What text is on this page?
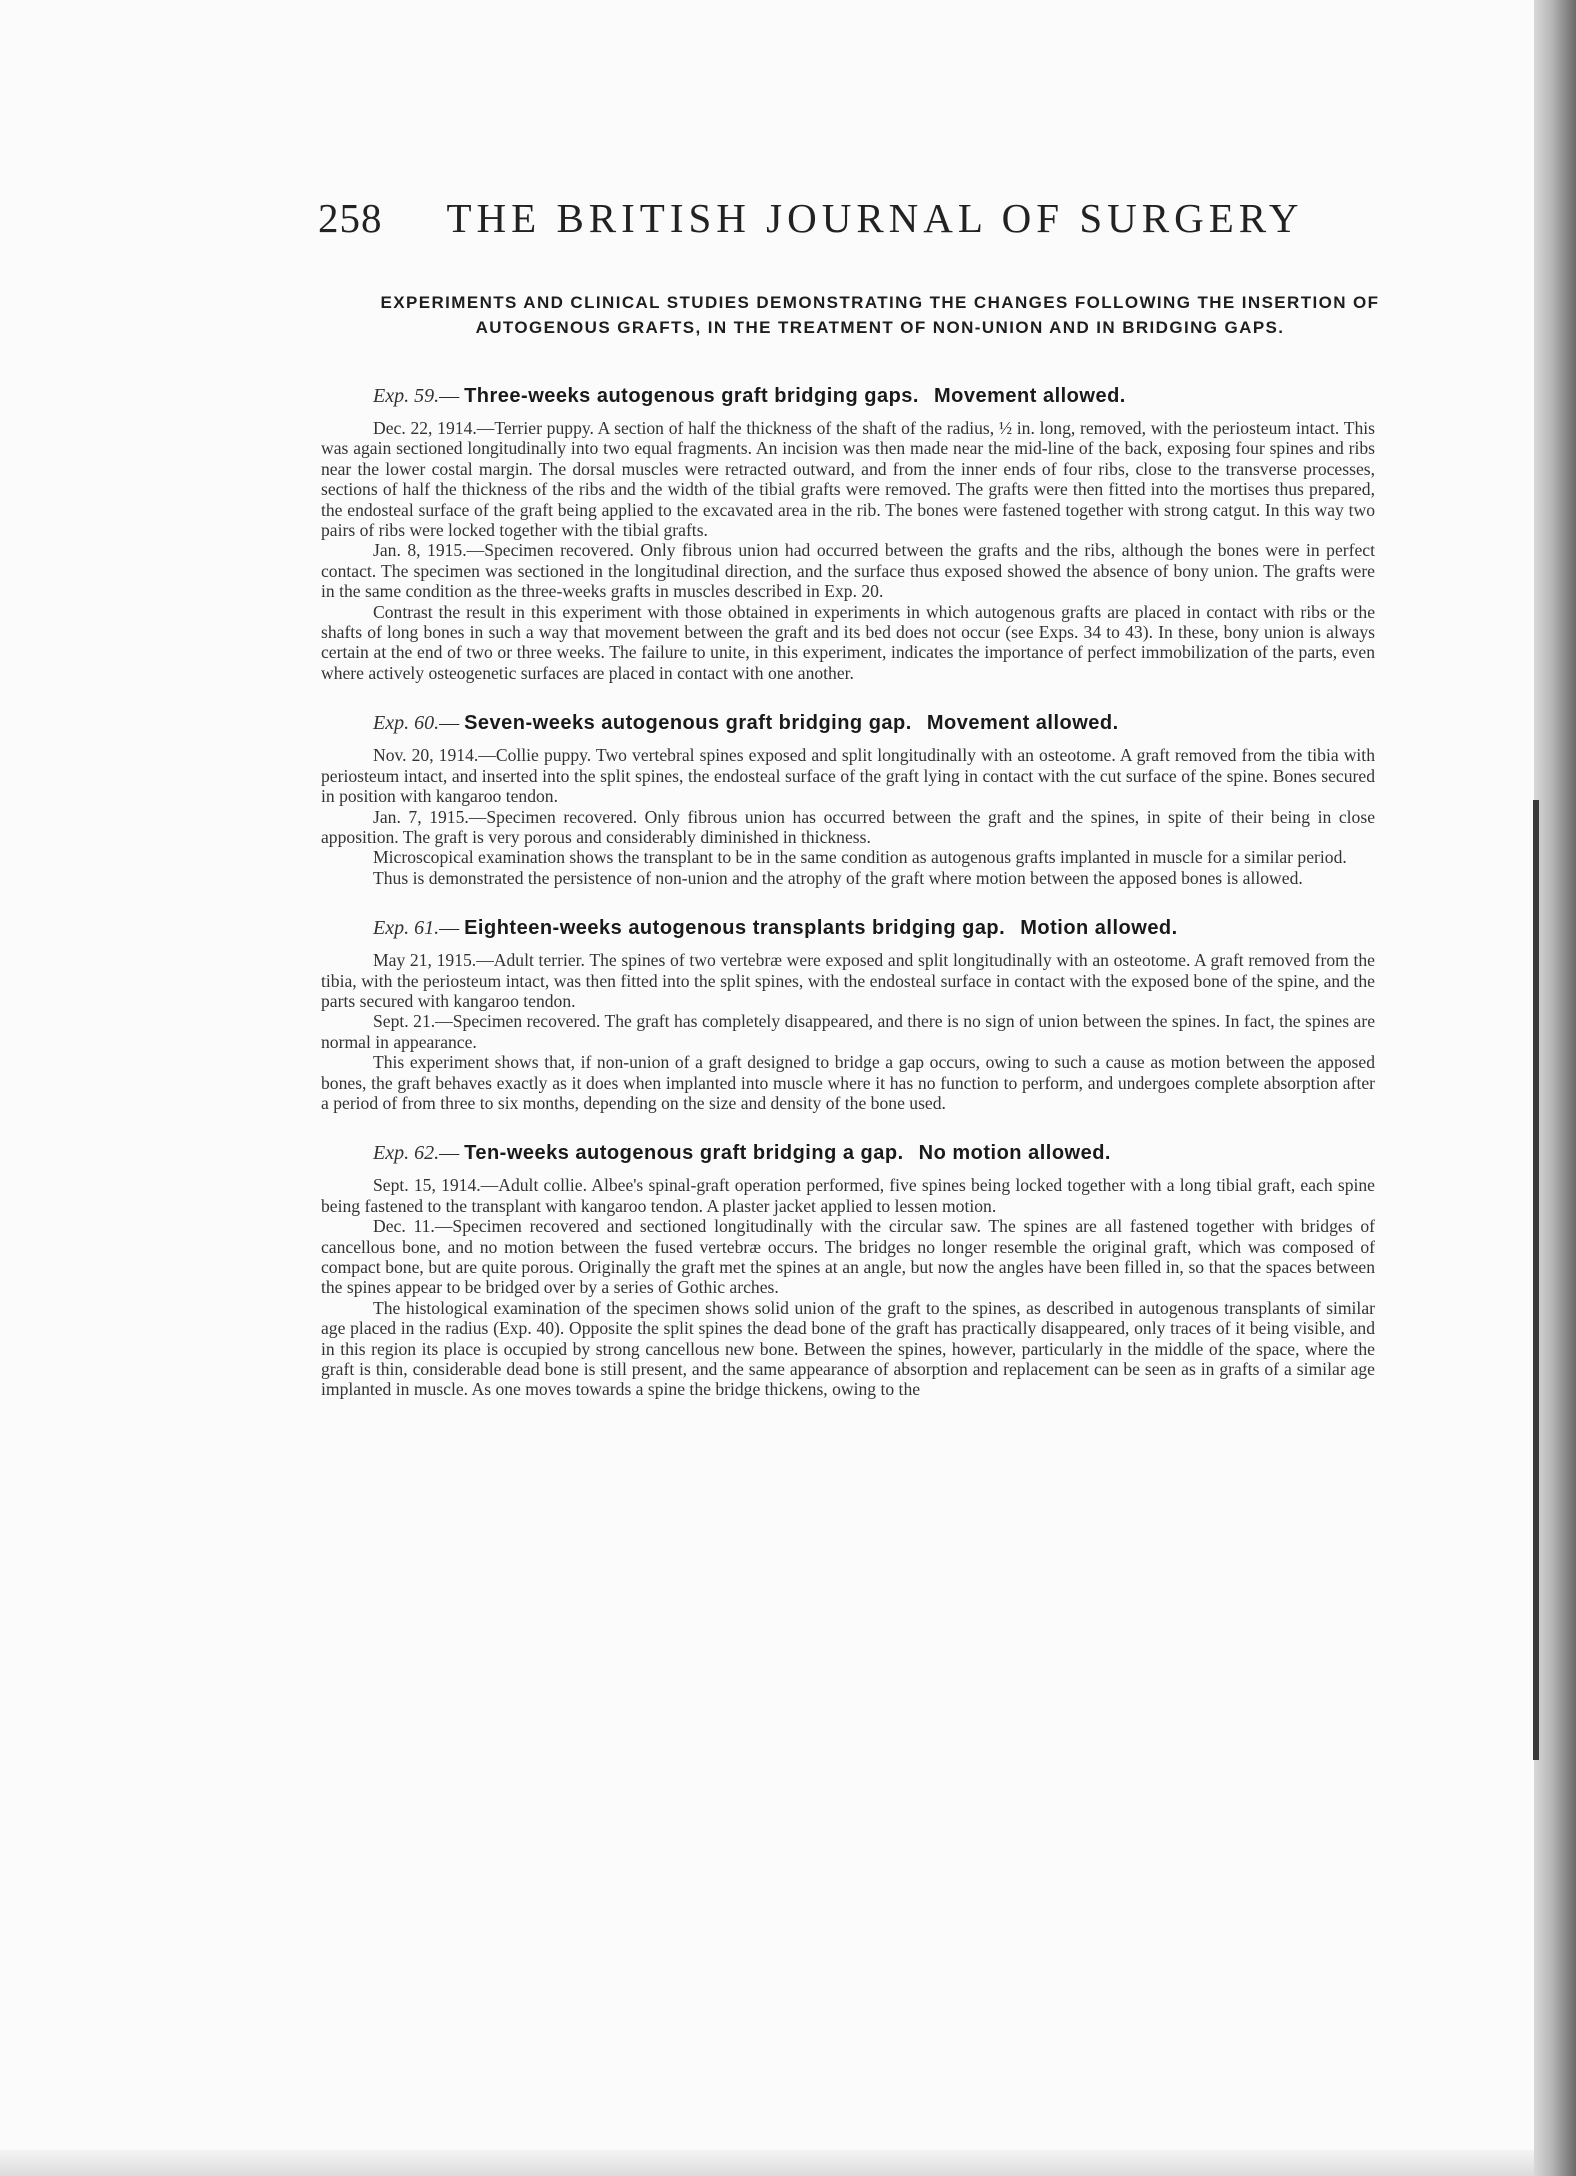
258 THE BRITISH JOURNAL OF SURGERY
EXPERIMENTS AND CLINICAL STUDIES DEMONSTRATING THE CHANGES FOLLOWING THE INSERTION OF AUTOGENOUS GRAFTS, IN THE TREATMENT OF NON-UNION AND IN BRIDGING GAPS.
Exp. 59.— Three-weeks autogenous graft bridging gaps. Movement allowed.

Dec. 22, 1914.—Terrier puppy. A section of half the thickness of the shaft of the radius, ½ in. long, removed, with the periosteum intact. This was again sectioned longitudinally into two equal fragments. An incision was then made near the mid-line of the back, exposing four spines and ribs near the lower costal margin. The dorsal muscles were retracted outward, and from the inner ends of four ribs, close to the transverse processes, sections of half the thickness of the ribs and the width of the tibial grafts were removed. The grafts were then fitted into the mortises thus prepared, the endosteal surface of the graft being applied to the excavated area in the rib. The bones were fastened together with strong catgut. In this way two pairs of ribs were locked together with the tibial grafts.

Jan. 8, 1915.—Specimen recovered. Only fibrous union had occurred between the grafts and the ribs, although the bones were in perfect contact. The specimen was sectioned in the longitudinal direction, and the surface thus exposed showed the absence of bony union. The grafts were in the same condition as the three-weeks grafts in muscles described in Exp. 20.

Contrast the result in this experiment with those obtained in experiments in which autogenous grafts are placed in contact with ribs or the shafts of long bones in such a way that movement between the graft and its bed does not occur (see Exps. 34 to 43). In these, bony union is always certain at the end of two or three weeks. The failure to unite, in this experiment, indicates the importance of perfect immobilization of the parts, even where actively osteogenetic surfaces are placed in contact with one another.

Exp. 60.— Seven-weeks autogenous graft bridging gap. Movement allowed.

Nov. 20, 1914.—Collie puppy. Two vertebral spines exposed and split longitudinally with an osteotome. A graft removed from the tibia with periosteum intact, and inserted into the split spines, the endosteal surface of the graft lying in contact with the cut surface of the spine. Bones secured in position with kangaroo tendon.

Jan. 7, 1915.—Specimen recovered. Only fibrous union has occurred between the graft and the spines, in spite of their being in close apposition. The graft is very porous and considerably diminished in thickness.

Microscopical examination shows the transplant to be in the same condition as autogenous grafts implanted in muscle for a similar period.

Thus is demonstrated the persistence of non-union and the atrophy of the graft where motion between the apposed bones is allowed.

Exp. 61.— Eighteen-weeks autogenous transplants bridging gap. Motion allowed.

May 21, 1915.—Adult terrier. The spines of two vertebræ were exposed and split longitudinally with an osteotome. A graft removed from the tibia, with the periosteum intact, was then fitted into the split spines, with the endosteal surface in contact with the exposed bone of the spine, and the parts secured with kangaroo tendon.

Sept. 21.—Specimen recovered. The graft has completely disappeared, and there is no sign of union between the spines. In fact, the spines are normal in appearance.

This experiment shows that, if non-union of a graft designed to bridge a gap occurs, owing to such a cause as motion between the apposed bones, the graft behaves exactly as it does when implanted into muscle where it has no function to perform, and undergoes complete absorption after a period of from three to six months, depending on the size and density of the bone used.

Exp. 62.— Ten-weeks autogenous graft bridging a gap. No motion allowed.

Sept. 15, 1914.—Adult collie. Albee's spinal-graft operation performed, five spines being locked together with a long tibial graft, each spine being fastened to the transplant with kangaroo tendon. A plaster jacket applied to lessen motion.

Dec. 11.—Specimen recovered and sectioned longitudinally with the circular saw. The spines are all fastened together with bridges of cancellous bone, and no motion between the fused vertebræ occurs. The bridges no longer resemble the original graft, which was composed of compact bone, but are quite porous. Originally the graft met the spines at an angle, but now the angles have been filled in, so that the spaces between the spines appear to be bridged over by a series of Gothic arches.

The histological examination of the specimen shows solid union of the graft to the spines, as described in autogenous transplants of similar age placed in the radius (Exp. 40). Opposite the split spines the dead bone of the graft has practically disappeared, only traces of it being visible, and in this region its place is occupied by strong cancellous new bone. Between the spines, however, particularly in the middle of the space, where the graft is thin, considerable dead bone is still present, and the same appearance of absorption and replacement can be seen as in grafts of a similar age implanted in muscle. As one moves towards a spine the bridge thickens, owing to the
